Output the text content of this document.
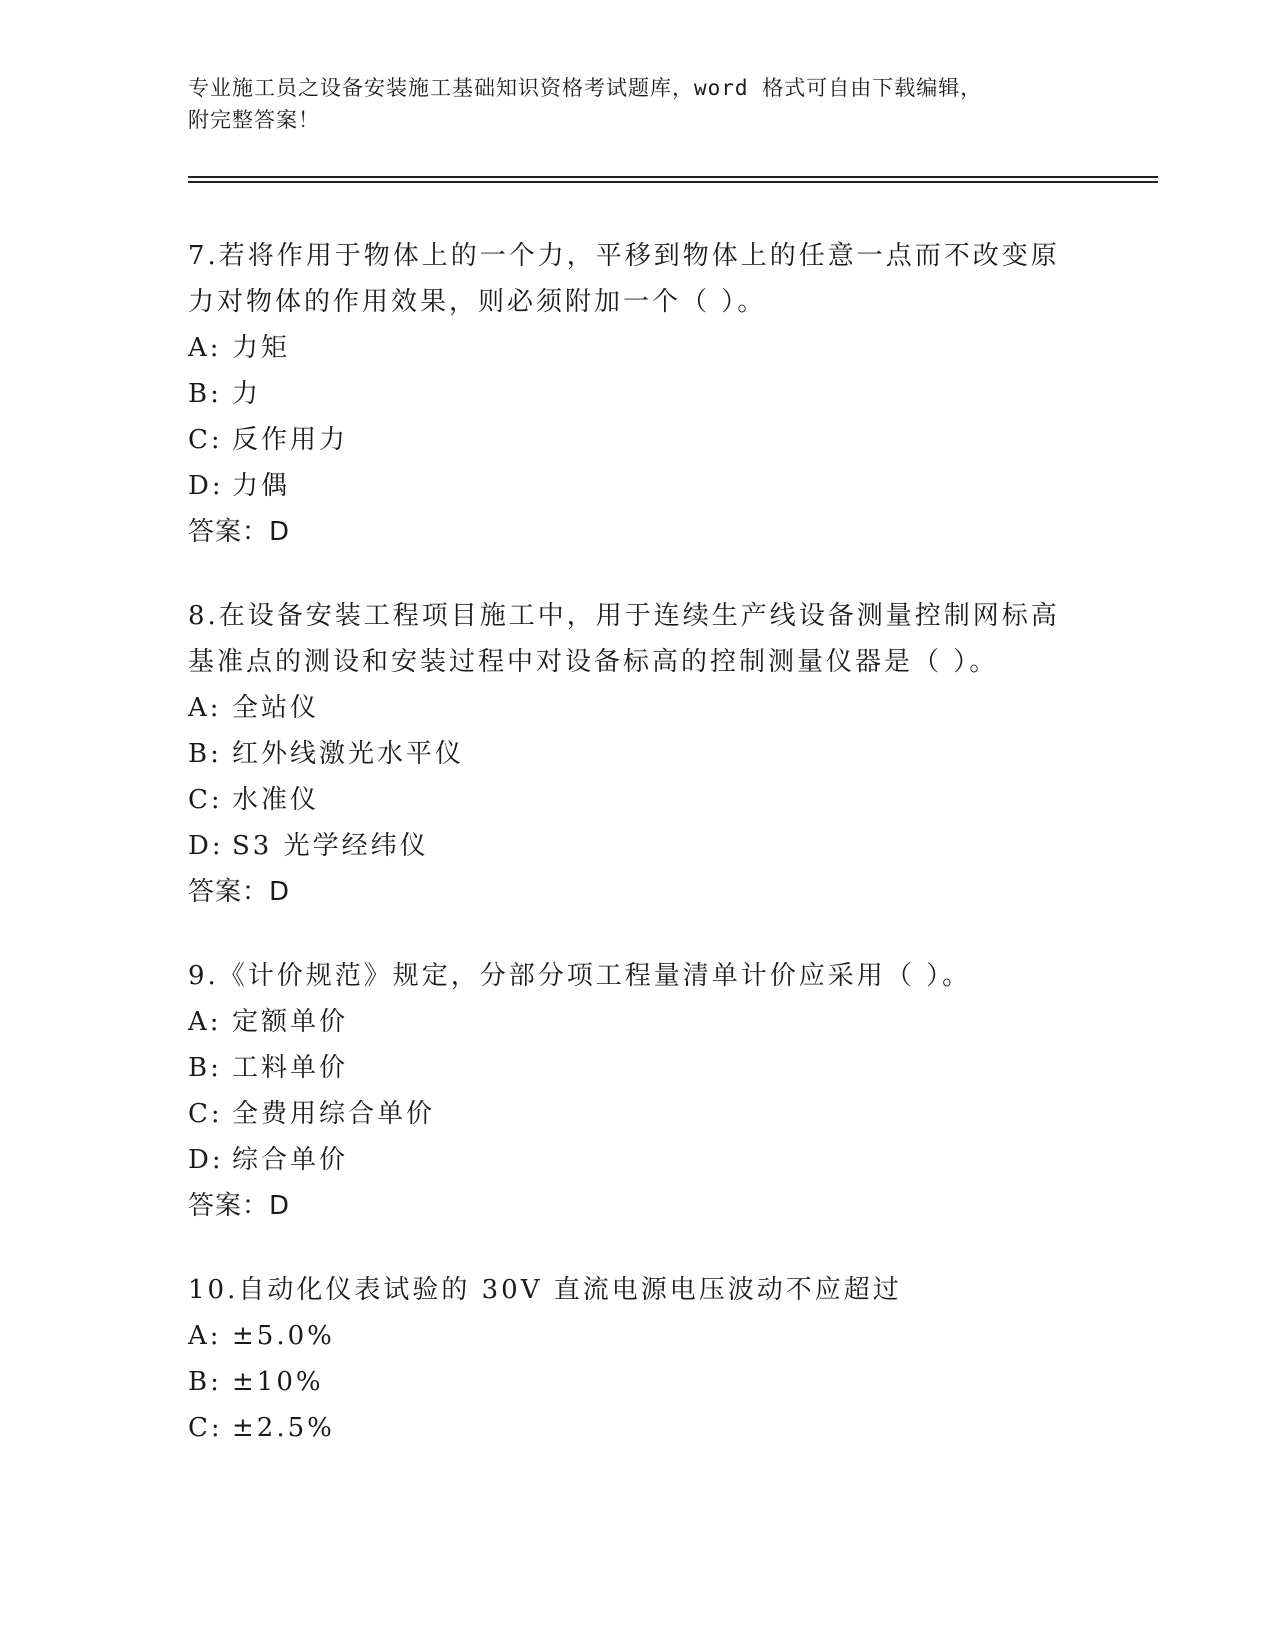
专业施工员之设备安装施工基础知识资格考试题库，word 格式可自由下载编辑，
附完整答案！
7.若将作用于物体上的一个力，平移到物体上的任意一点而不改变原力对物体的作用效果，则必须附加一个（ ）。
A: 力矩
B: 力
C: 反作用力
D: 力偶
答案：D
8.在设备安装工程项目施工中，用于连续生产线设备测量控制网标高基准点的测设和安装过程中对设备标高的控制测量仪器是（ ）。
A: 全站仪
B: 红外线激光水平仪
C: 水准仪
D: S3 光学经纬仪
答案：D
9.《计价规范》规定，分部分项工程量清单计价应采用（ ）。
A: 定额单价
B: 工料单价
C: 全费用综合单价
D: 综合单价
答案：D
10.自动化仪表试验的 30V 直流电源电压波动不应超过
A: ±5.0%
B: ±10%
C: ±2.5%
